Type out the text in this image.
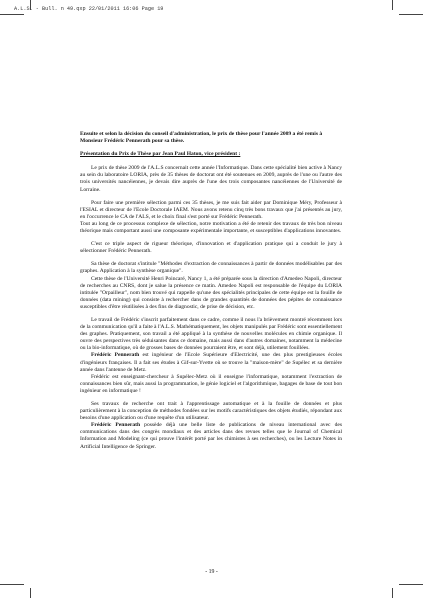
A.L.S. - Bull. n 49.qxp 22/01/2011 16:06 Page 19

Ensuite et selon la décision du conseil d'administration, le prix de thèse pour l'année 2009 a été remis à Monsieur Frédéric Pennerath pour sa thèse.

Présentation du Prix de Thèse par Jean Paul Haton, vice président :

Le prix de thèse 2009 de l'A.L.S concernait cette année l'Informatique. Dans cette spécialité bien active à Nancy au sein du laboratoire LORIA, près de 35 thèses de doctorat ont été soutenues en 2009, auprès de l'une ou l'autre des trois universités nancéiennes, je devais dire auprès de l'une des trois composantes nancéiennes de l'Université de Lorraine.

Pour faire une première sélection parmi ces 35 thèses, je me suis fait aider par Dominique Méry, Professeur à l'ESIAL et directeur de l'Ecole Doctorale IAEM. Nous avons retenu cinq très bons travaux que j'ai présentés au jury, en l'occurrence le CA de l'ALS, et le choix final s'est porté sur Frédéric Pennerath.

Tout au long de ce processus complexe de sélection, notre motivation a été de retenir des travaux de très bon niveau théorique mais comportant aussi une composante expérimentale importante, et susceptibles d'applications innovantes.

C'est ce triple aspect de rigueur théorique, d'innovation et d'application pratique qui a conduit le jury à sélectionner Frédéric Pennerath.

Sa thèse de doctorat s'intitule "Méthodes d'extraction de connaissances à partir de données modélisables par des graphes. Application à la synthèse organique".

Cette thèse de l'Université Henri Poincaré, Nancy 1, a été préparée sous la direction d'Amedeo Napoli, directeur de recherches au CNRS, dont je salue la présence ce matin. Amedeo Napoli est responsable de l'équipe du LORIA intitulée "Orpailleur", nom bien trouvé qui rappelle qu'une des spécialités principales de cette équipe est la fouille de données (data mining) qui consiste à rechercher dans de grandes quantités de données des pépites de connaissance susceptibles d'être réutilisées à des fins de diagnostic, de prise de décision, etc.

Le travail de Frédéric s'inscrit parfaitement dans ce cadre, comme il nous l'a brièvement montré récemment lors de la communication qu'il a faite à l'A.L.S. Mathématiquement, les objets manipulés par Frédéric sont essentiellement des graphes. Pratiquement, son travail a été appliqué à la synthèse de nouvelles molécules en chimie organique. Il ouvre des perspectives très séduisantes dans ce domaine, mais aussi dans d'autres domaines, notamment la médecine ou la bio-informatique, où de grosses bases de données pourraient être, et sont déjà, utilement fouillées.

Frédéric Pennerath est ingénieur de l'Ecole Supérieure d'Electricité, une des plus prestigieuses écoles d'ingénieurs françaises. Il a fait ses études à Gif-sur-Yvette où se trouve la "maison-mère" de Supélec et sa dernière année dans l'antenne de Metz.

Frédéric est enseignant-chercheur à Supélec-Metz où il enseigne l'informatique, notamment l'extraction de connaissances bien sûr, mais aussi la programmation, le génie logiciel et l'algorithmique, bagages de base de tout bon ingénieur en informatique !

Ses travaux de recherche ont trait à l'apprentissage automatique et à la fouille de données et plus particulièrement à la conception de méthodes fondées sur les motifs caractéristiques des objets étudiés, répondant aux besoins d'une application ou d'une requête d'un utilisateur.

Frédéric Pennerath possède déjà une belle liste de publications de niveau international avec des communications dans des congrès mondiaux et des articles dans des revues telles que le Journal of Chemical Information and Modeling (ce qui prouve l'intérêt porté par les chimistes à ses recherches), ou les Lecture Notes in Artificial Intelligence de Springer.

- 19 -
